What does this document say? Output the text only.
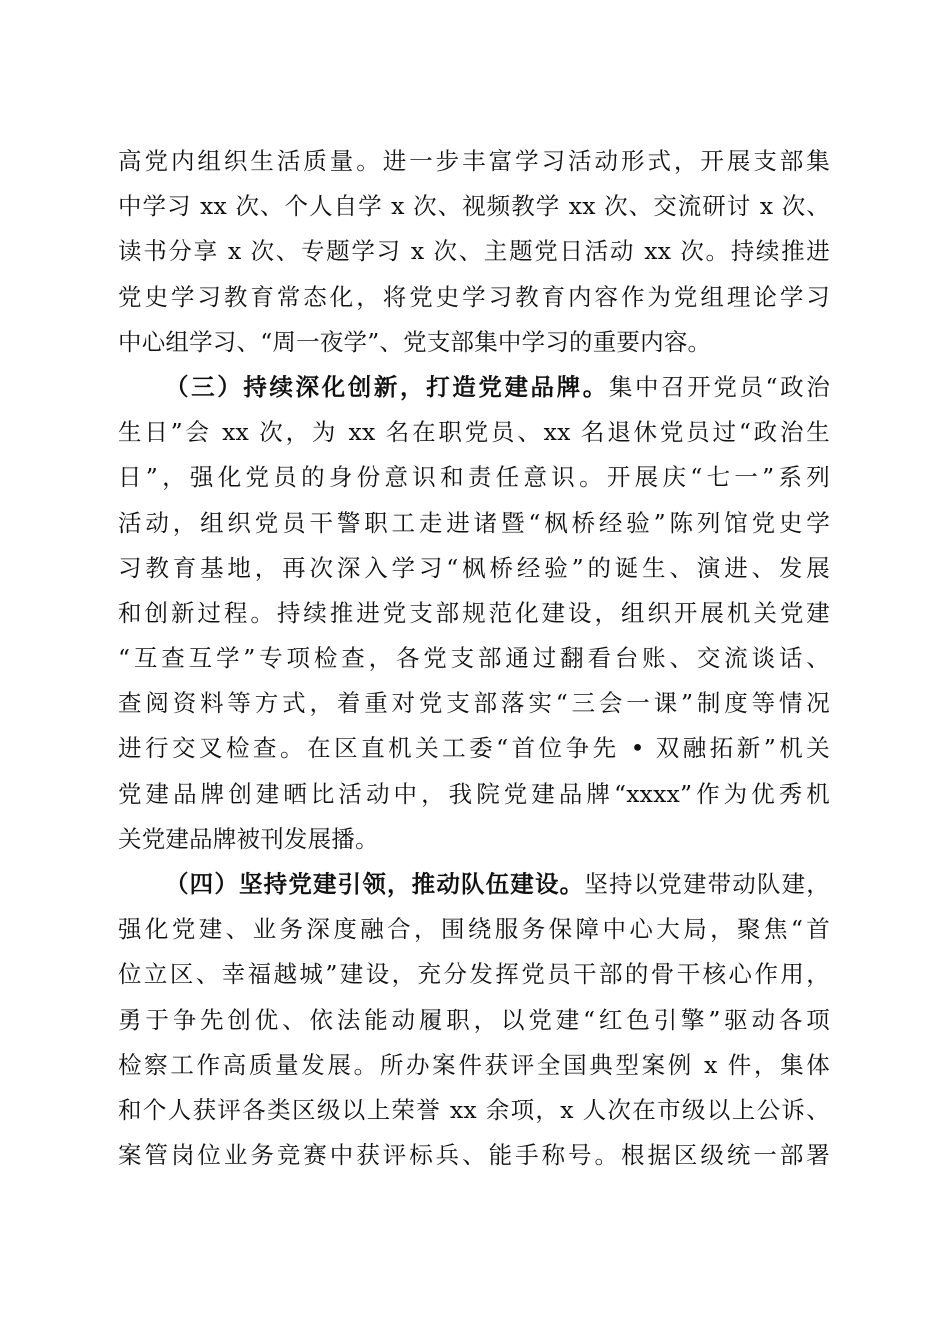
高党内组织生活质量。进一步丰富学习活动形式，开展支部集
中学习 xx 次、个人自学 x 次、视频教学 xx 次、交流研讨 x 次、
读书分享 x 次、专题学习 x 次、主题党日活动 xx 次。持续推进
党史学习教育常态化，将党史学习教育内容作为党组理论学习
中心组学习、“周一夜学”、党支部集中学习的重要内容。
（三）持续深化创新，打造党建品牌。集中召开党员“政治
生日”会 xx 次，为 xx 名在职党员、xx 名退休党员过“政治生
日”，强化党员的身份意识和责任意识。开展庆“七一”系列
活动，组织党员干警职工走进诸暨“枫桥经验”陈列馆党史学
习教育基地，再次深入学习“枫桥经验”的诞生、演进、发展
和创新过程。持续推进党支部规范化建设，组织开展机关党建
“互查互学”专项检查，各党支部通过翻看台账、交流谈话、
查阅资料等方式，着重对党支部落实“三会一课”制度等情况
进行交叉检查。在区直机关工委“首位争先 • 双融拓新”机关
党建品牌创建晒比活动中，我院党建品牌“xxxx”作为优秀机
关党建品牌被刊发展播。
（四）坚持党建引领，推动队伍建设。坚持以党建带动队建，
强化党建、业务深度融合，围绕服务保障中心大局，聚焦“首
位立区、幸福越城”建设，充分发挥党员干部的骨干核心作用，
勇于争先创优、依法能动履职，以党建“红色引擎”驱动各项
检察工作高质量发展。所办案件获评全国典型案例 x 件，集体
和个人获评各类区级以上荣誉 xx 余项，x 人次在市级以上公诉、
案管岗位业务竞赛中获评标兵、能手称号。根据区级统一部署
